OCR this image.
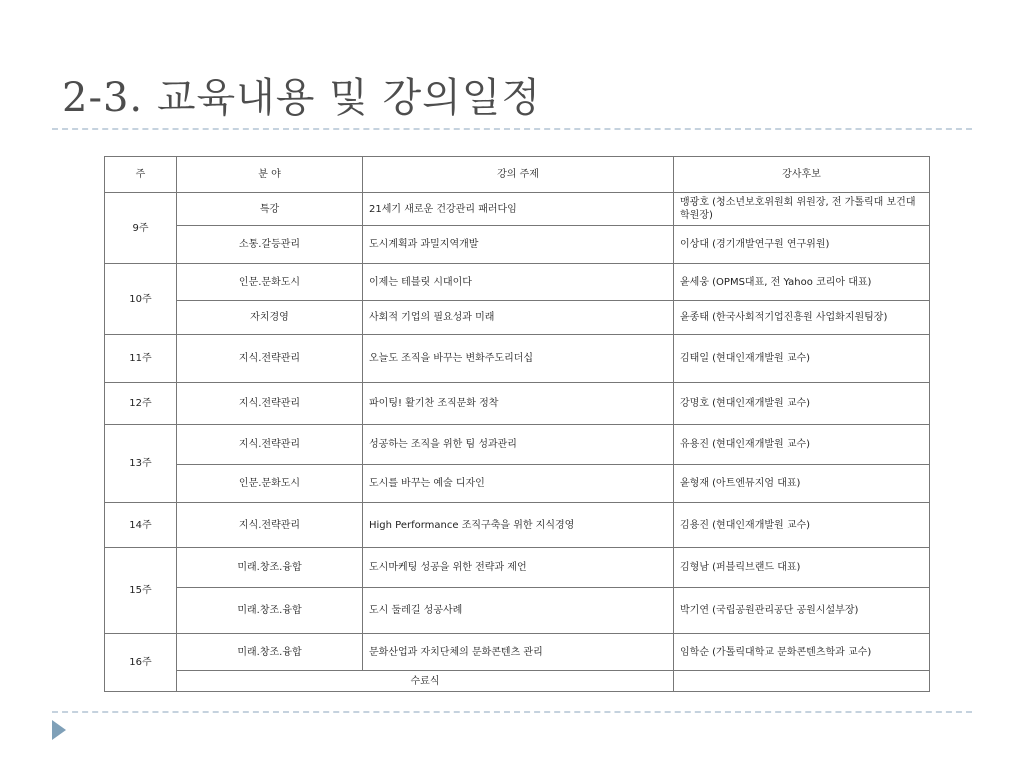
2-3. 교육내용 및 강의일정
주	분 야	강의 주제	강사후보
9주	특강	21세기 새로운 건강관리 패러다임	맹광호 (청소년보호위원회 위원장, 전 가톨릭대 보건대학원장)
	소통.갈등관리	도시계획과 과밀지역개발	이상대 (경기개발연구원 연구위원)
10주	인문.문화도시	이제는 테블릿 시대이다	윤세웅 (OPMS대표, 전 Yahoo 코리아 대표)
	자치경영	사회적 기업의 필요성과 미래	윤종태 (한국사회적기업진흥원 사업화지원팀장)
11주	지식.전략관리	오늘도 조직을 바꾸는 변화주도리더십	김태일 (현대인재개발원 교수)
12주	지식.전략관리	파이팅! 활기찬 조직문화 정착	강명호 (현대인재개발원 교수)
13주	지식.전략관리	성공하는 조직을 위한 팀 성과관리	유용진 (현대인재개발원 교수)
	인문.문화도시	도시를 바꾸는 예술 디자인	윤형재 (아트엔뮤지엄 대표)
14주	지식.전략관리	High Performance 조직구축을 위한 지식경영	김용진 (현대인재개발원 교수)
15주	미래.창조.융합	도시마케팅 성공을 위한 전략과 제언	김형남 (퍼블릭브랜드 대표)
	미래.창조.융합	도시 둘레길 성공사례	박기연 (국립공원관리공단 공원시설부장)
16주	미래.창조.융합	문화산업과 자치단체의 문화콘텐츠 관리	임학순 (가톨릭대학교 문화콘텐츠학과 교수)
	수료식		
